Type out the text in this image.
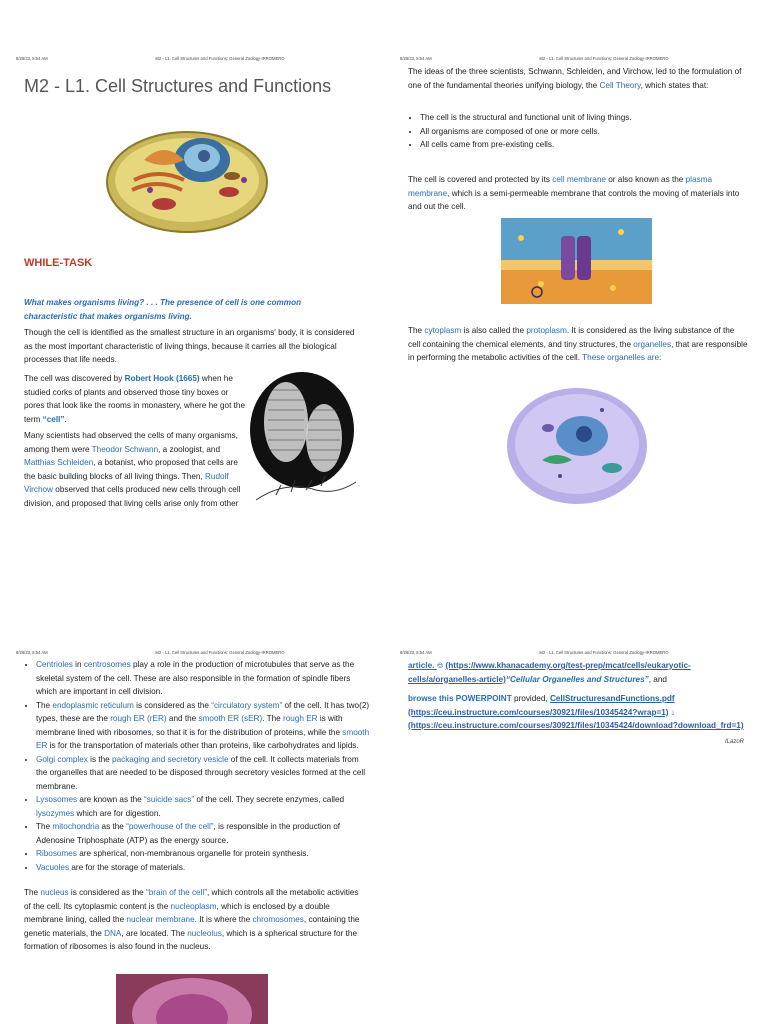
8/26/23, 8:54 AM	M2 - L1. Cell Structures and Functions: General Zoology-IRROMERO
M2 - L1. Cell Structures and Functions
WHILE-TASK
What makes organisms living? . . . The presence of cell is one common characteristic that makes organisms living.

Though the cell is identified as the smallest structure in an organisms' body, it is considered as the most important characteristic of living things, because it carries all the biological processes that life needs.

The cell was discovered by Robert Hook (1665) when he studied corks of plants and observed those tiny boxes or pores that look like the rooms in monastery, where he got the term “cell”.

Many scientists had observed the cells of many organisms, among them were Theodor Schwann, a zoologist, and Matthias Schleiden, a botanist, who proposed that cells are the basic building blocks of all living things. Then, Rudolf Virchow observed that cells produced new cells through cell division, and proposed that living cells arise only from other

8/26/23, 8:54 AM	M2 - L1. Cell Structures and Functions: General Zoology-IRROMERO

The ideas of the three scientists, Schwann, Schleiden, and Virchow, led to the formulation of one of the fundamental theories unifying biology, the Cell Theory, which states that:

• The cell is the structural and functional unit of living things.
• All organisms are composed of one or more cells.
• All cells came from pre-existing cells.

The cell is covered and protected by its cell membrane or also known as the plasma membrane, which is a semi-permeable membrane that controls the moving of materials into and out the cell.

The cytoplasm is also called the protoplasm. It is considered as the living substance of the cell containing the chemical elements, and tiny structures, the organelles, that are responsible in performing the metabolic activities of the cell. These organelles are:

8/26/23, 8:54 AM	M2 - L1. Cell Structures and Functions: General Zoology-IRROMERO
• Centrioles in centrosomes play a role in the production of microtubules that serve as the skeletal system of the cell. These are also responsible in the formation of spindle fibers which are important in cell division.
• The endoplasmic reticulum is considered as the “circulatory system” of the cell. It has two(2) types, these are the rough ER (rER) and the smooth ER (sER). The rough ER is with membrane lined with ribosomes, so that it is for the distribution of proteins, while the smooth ER is for the transportation of materials other than proteins, like carbohydrates and lipids.
• Golgi complex is the packaging and secretory vesicle of the cell. It collects materials from the organelles that are needed to be disposed through secretory vesicles formed at the cell membrane.
• Lysosomes are known as the “suicide sacs” of the cell. They secrete enzymes, called lysozymes which are for digestion.
• The mitochondria as the “powerhouse of the cell”, is responsible in the production of Adenosine Triphosphate (ATP) as the energy source.
• Ribosomes are spherical, non-membranous organelle for protein synthesis.
• Vacuoles are for the storage of materials.

The nucleus is considered as the “brain of the cell”, which controls all the metabolic activities of the cell. Its cytoplasmic content is the nucleoplasm, which is enclosed by a double membrane lining, called the nuclear membrane. It is where the chromosomes, containing the genetic materials, the DNA, are located. The nucleolus, which is a spherical structure for the formation of ribosomes is also found in the nucleus.

8/26/23, 8:54 AM	M2 - L1. Cell Structures and Functions: General Zoology-IRROMERO

article. ⎊ (https://www.khanacademy.org/test-prep/mcat/cells/eukaryotic-cells/a/organelles-article)“Cellular Organelles and Structures”, and

browse this POWERPOINT provided, CellStructuresandFunctions.pdf
(https://ceu.instructure.com/courses/30921/files/10345424?wrap=1) ↓
(https://ceu.instructure.com/courses/30921/files/10345424/download?download_frd=1)

ILazoR
